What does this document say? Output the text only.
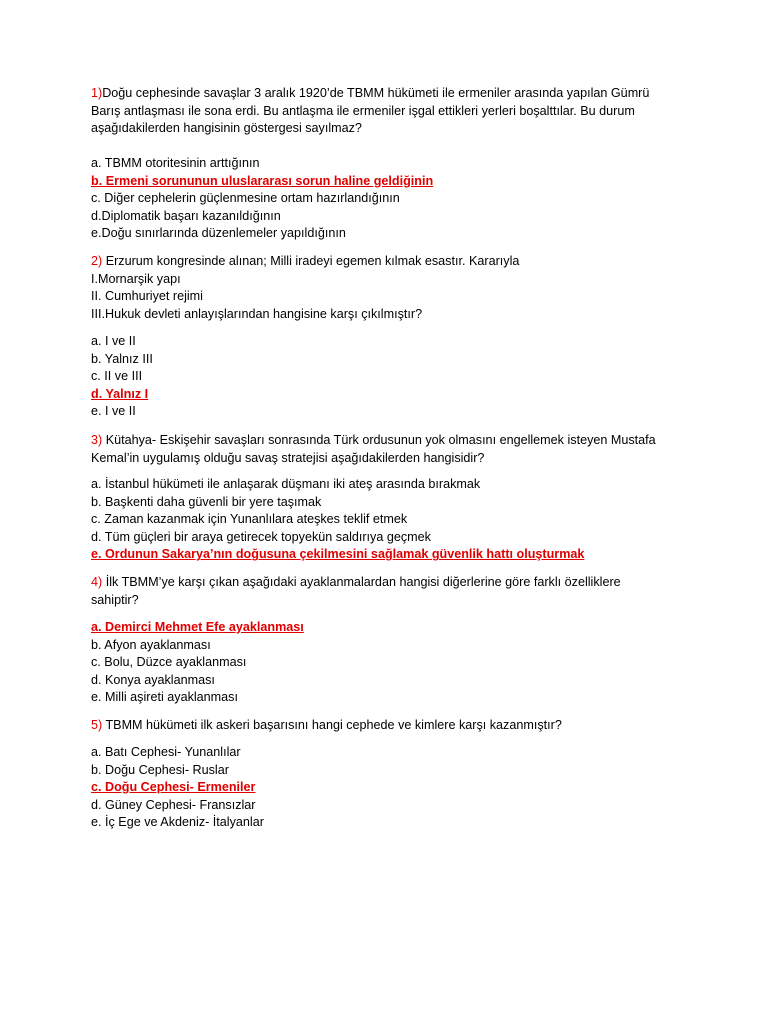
1)Doğu cephesinde savaşlar 3 aralık 1920’de TBMM hükümeti ile ermeniler arasında yapılan Gümrü
Barış antlaşması ile sona erdi. Bu antlaşma ile ermeniler işgal ettikleri yerleri boşalttılar. Bu durum
aşağıdakilerden hangisinin göstergesi sayılmaz?
a. TBMM otoritesinin arttığının
b. Ermeni sorununun uluslararası sorun haline geldiğinin
c. Diğer cephelerin güçlenmesine ortam hazırlandığının
d.Diplomatik başarı kazanıldığının
e.Doğu sınırlarında düzenlemeler yapıldığının
2) Erzurum kongresinde alınan; Milli iradeyi egemen kılmak esastır. Kararıyla
I.Mornarşik yapı
II. Cumhuriyet rejimi
III.Hukuk devleti anlayışlarından hangisine karşı çıkılmıştır?
a. I ve II
b. Yalnız III
c. II ve III
d. Yalnız I
e. I ve II
3) Kütahya- Eskişehir savaşları sonrasında Türk ordusunun yok olmasını engellemek isteyen Mustafa
Kemal’in uygulamış olduğu savaş stratejisi aşağıdakilerden hangisidir?
a. İstanbul hükümeti ile anlaşarak düşmanı iki ateş arasında bırakmak
b. Başkenti daha güvenli bir yere taşımak
c. Zaman kazanmak için Yunanlılara ateşkes teklif etmek
d. Tüm güçleri bir araya getirecek topyekün saldırıya geçmek
e. Ordunun Sakarya’nın doğusuna çekilmesini sağlamak güvenlik hattı oluşturmak
4) İlk TBMM’ye karşı çıkan aşağıdaki ayaklanmalardan hangisi diğerlerine göre farklı özelliklere
sahiptir?
a. Demirci Mehmet Efe ayaklanması
b. Afyon ayaklanması
c. Bolu, Düzce ayaklanması
d. Konya ayaklanması
e. Milli aşireti ayaklanması
5) TBMM hükümeti ilk askeri başarısını hangi cephede ve kimlere karşı kazanmıştır?
a. Batı Cephesi- Yunanlılar
b. Doğu Cephesi- Ruslar
c. Doğu Cephesi- Ermeniler
d. Güney Cephesi- Fransızlar
e. İç Ege ve Akdeniz- İtalyanlar
